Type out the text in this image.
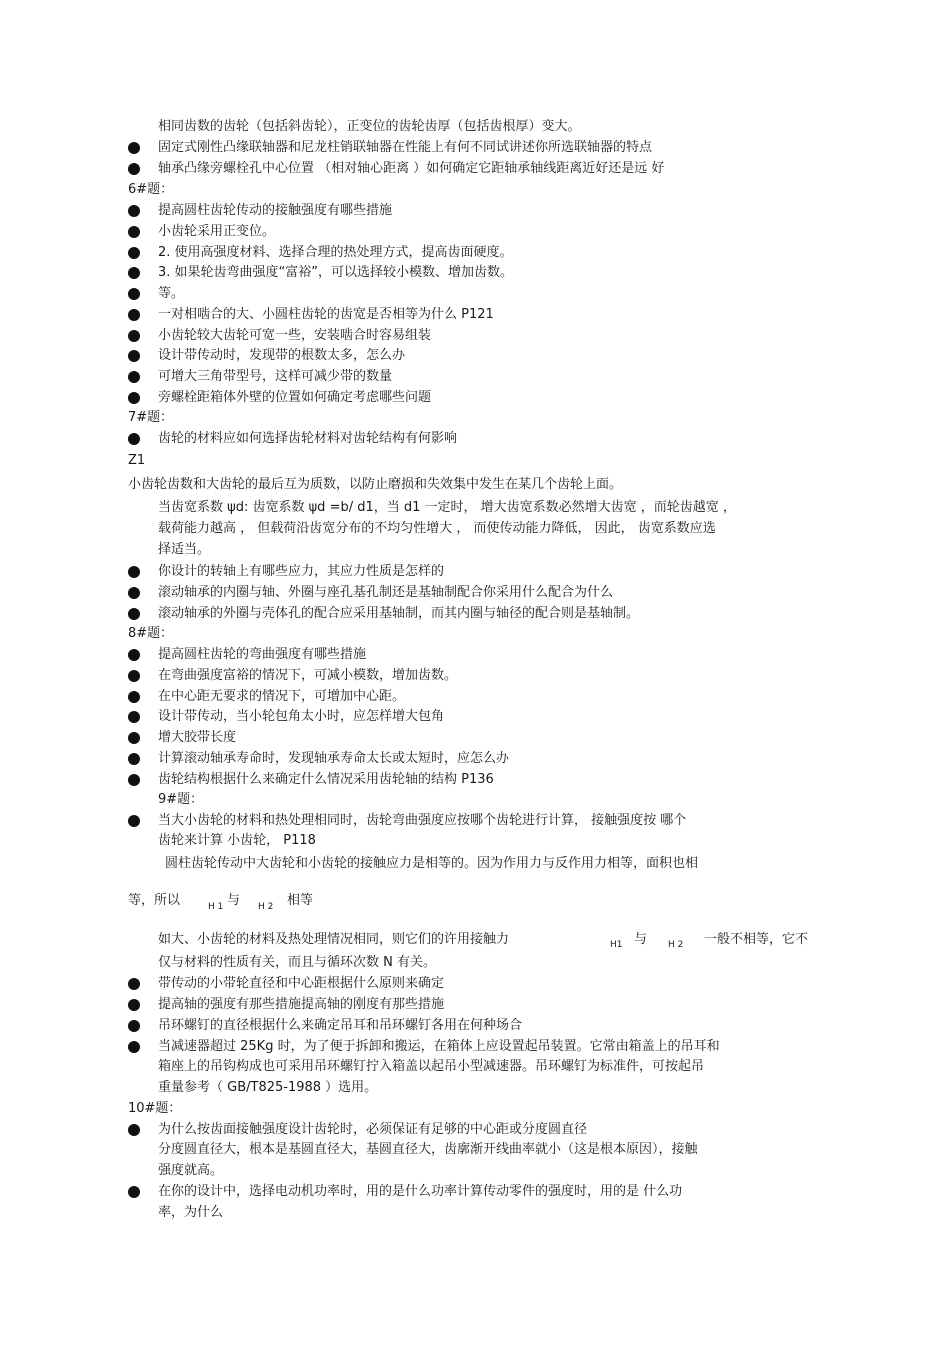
相同齿数的齿轮（包括斜齿轮），正变位的齿轮齿厚（包括齿根厚）变大。
固定式刚性凸缘联轴器和尼龙柱销联轴器在性能上有何不同试讲述你所选联轴器的特点
轴承凸缘旁螺栓孔中心位置 （相对轴心距离 ）如何确定它距轴承轴线距离近好还是远 好
6#题：
提高圆柱齿轮传动的接触强度有哪些措施
小齿轮采用正变位。
2. 使用高强度材料、选择合理的热处理方式，提高齿面硬度。
3. 如果轮齿弯曲强度“富裕”，可以选择较小模数、增加齿数。
等。
一对相啮合的大、小圆柱齿轮的齿宽是否相等为什么 P121
小齿轮较大齿轮可宽一些，安装啮合时容易组装
设计带传动时，发现带的根数太多，怎么办
可增大三角带型号，这样可减少带的数量
旁螺栓距箱体外壁的位置如何确定考虑哪些问题
7#题：
齿轮的材料应如何选择齿轮材料对齿轮结构有何影响
Z1
小齿轮齿数和大齿轮的最后互为质数，以防止磨损和失效集中发生在某几个齿轮上面。
当齿宽系数 ψd: 齿宽系数 ψd =b/ d1，当 d1 一定时， 增大齿宽系数必然增大齿宽 ，而轮齿越宽 ，
载荷能力越高 ， 但载荷沿齿宽分布的不均匀性增大 ， 而使传动能力降低， 因此， 齿宽系数应选
择适当。
你设计的转轴上有哪些应力，其应力性质是怎样的
滚动轴承的内圈与轴、外圈与座孔基孔制还是基轴制配合你采用什么配合为什么
滚动轴承的外圈与壳体孔的配合应采用基轴制，而其内圈与轴径的配合则是基轴制。
8#题：
提高圆柱齿轮的弯曲强度有哪些措施
在弯曲强度富裕的情况下，可减小模数，增加齿数。
在中心距无要求的情况下，可增加中心距。
设计带传动，当小轮包角太小时，应怎样增大包角
增大胶带长度
计算滚动轴承寿命时，发现轴承寿命太长或太短时，应怎么办
齿轮结构根据什么来确定什么情况采用齿轮轴的结构 P136
9#题：
当大小齿轮的材料和热处理相同时，齿轮弯曲强度应按哪个齿轮进行计算， 接触强度按 哪个
齿轮来计算 小齿轮， P118
圆柱齿轮传动中大齿轮和小齿轮的接触应力是相等的。因为作用力与反作用力相等，面积也相
等，所以	H 1 与 H 2 相等
如大、小齿轮的材料及热处理情况相同，则它们的许用接触力	H1 与 H 2 一般不相等，它不
仅与材料的性质有关，而且与循环次数 N 有关。
带传动的小带轮直径和中心距根据什么原则来确定
提高轴的强度有那些措施提高轴的刚度有那些措施
吊环螺钉的直径根据什么来确定吊耳和吊环螺钉各用在何种场合
当减速器超过 25Kg 时，为了便于拆卸和搬运，在箱体上应设置起吊装置。它常由箱盖上的吊耳和
箱座上的吊钩构成也可采用吊环螺钉拧入箱盖以起吊小型减速器。吊环螺钉为标准件，可按起吊
重量参考（ GB/T825-1988 ）选用。
10#题：
为什么按齿面接触强度设计齿轮时，必须保证有足够的中心距或分度圆直径
分度圆直径大，根本是基圆直径大，基圆直径大，齿廓渐开线曲率就小（这是根本原因），接触
强度就高。
在你的设计中，选择电动机功率时，用的是什么功率计算传动零件的强度时，用的是 什么功
率，为什么
